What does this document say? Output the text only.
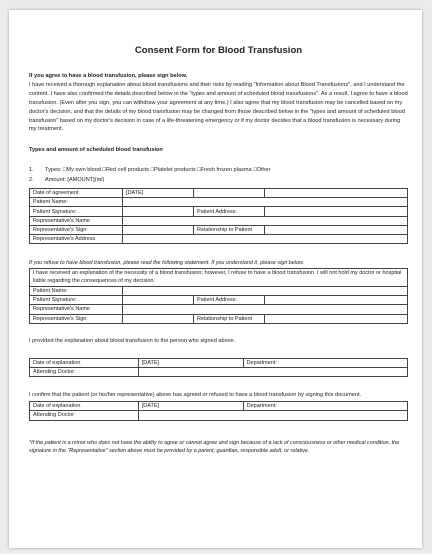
Consent Form for Blood Transfusion
If you agree to have a blood transfusion, please sign below.

I have received a thorough explanation about blood transfusions and their risks by reading "Information about Blood Transfusions", and I understand the content. I have also confirmed the details described below in the "types and amount of scheduled blood transfusions". As a result, I agree to have a blood transfusion. (Even after you sign, you can withdraw your agreement at any time.) I also agree that my blood transfusion may be cancelled based on my doctor's decision, and that the details of my blood transfusion may be changed from those described below in the "types and amount of scheduled blood transfusion" based on my doctor's decision in case of a life-threatening emergency or if my doctor decides that a blood transfusion is necessary during my treatment.

Types and amount of scheduled blood transfusion
1.	Types: □My own blood □Red cell products □Platelet products □Fresh frozen plasma □Other
2.	Amount: [AMOUNT](ml)
Date of agreement	[DATE]		
Patient Name:			
Patient Signature:		Patient Address:	
Representative's Name			
Representative's Sign:		Relationship to Patient	
Representative's Address			
If you refuse to have blood transfusion, please read the following statement. If you understand it, please sign below.
I have received an explanation of the necessity of a blood transfusion; however, I refuse to have a blood transfusion. I will not hold my doctor or hospital liable regarding the consequences of my decision.			
Patient Name:			
Patient Signature:		Patient Address:	
Representative's Name			
Representative's Sign:		Relationship to Patient	
I provided the explanation about blood transfusion to the person who signed above.
Date of explanation	[DATE]	Department:
Attending Doctor:		
I confirm that the patient (or his/her representative) above has agreed or refused to have a blood transfusion by signing this document.
Date of explanation	[DATE]	Department:
Attending Doctor:		
*If the patient is a minor who does not have the ability to agree or cannot agree and sign because of a lack of consciousness or other medical condition, the signature in the "Representative" section above must be provided by a parent, guardian, responsible adult, or relative.
